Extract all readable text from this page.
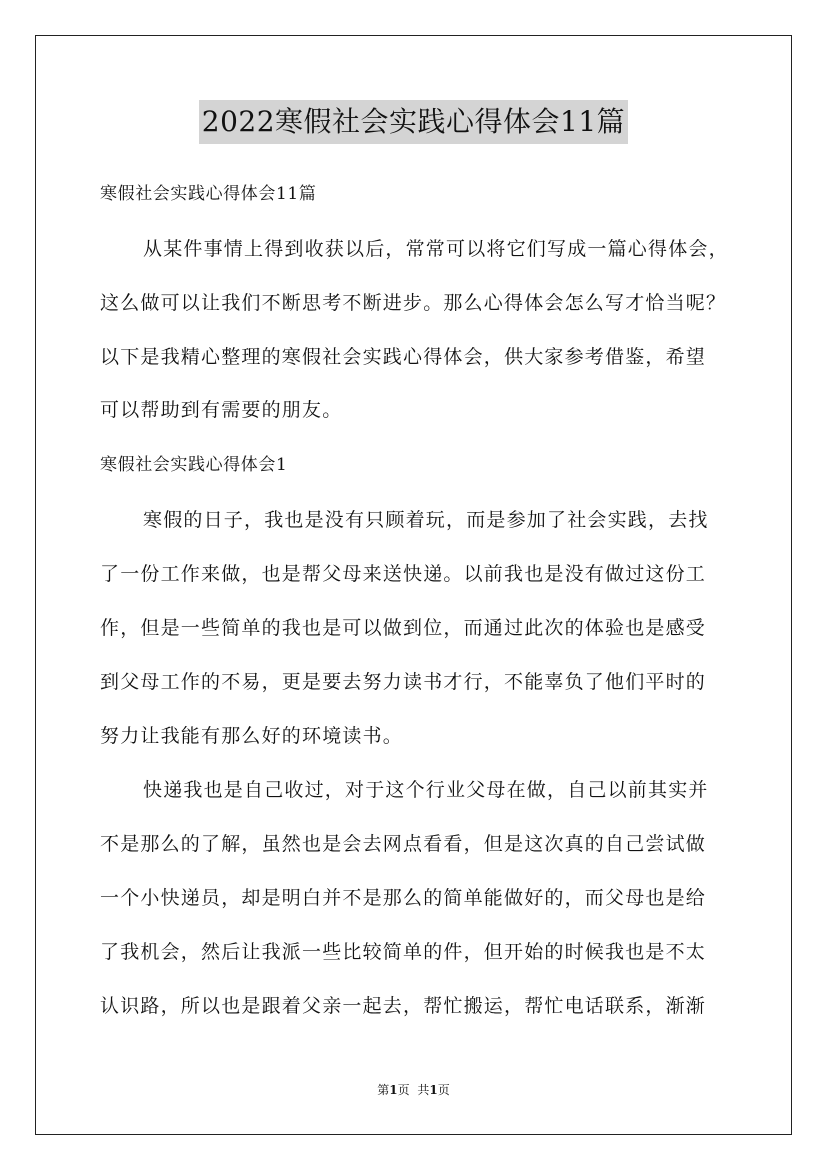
2022寒假社会实践心得体会11篇
寒假社会实践心得体会11篇
从某件事情上得到收获以后，常常可以将它们写成一篇心得体会，
这么做可以让我们不断思考不断进步。那么心得体会怎么写才恰当呢？
以下是我精心整理的寒假社会实践心得体会，供大家参考借鉴，希望
可以帮助到有需要的朋友。
寒假社会实践心得体会1
寒假的日子，我也是没有只顾着玩，而是参加了社会实践，去找
了一份工作来做，也是帮父母来送快递。以前我也是没有做过这份工
作，但是一些简单的我也是可以做到位，而通过此次的体验也是感受
到父母工作的不易，更是要去努力读书才行，不能辜负了他们平时的
努力让我能有那么好的环境读书。
快递我也是自己收过，对于这个行业父母在做，自己以前其实并
不是那么的了解，虽然也是会去网点看看，但是这次真的自己尝试做
一个小快递员，却是明白并不是那么的简单能做好的，而父母也是给
了我机会，然后让我派一些比较简单的件，但开始的时候我也是不太
认识路，所以也是跟着父亲一起去，帮忙搬运，帮忙电话联系，渐渐
第1页 共1页
